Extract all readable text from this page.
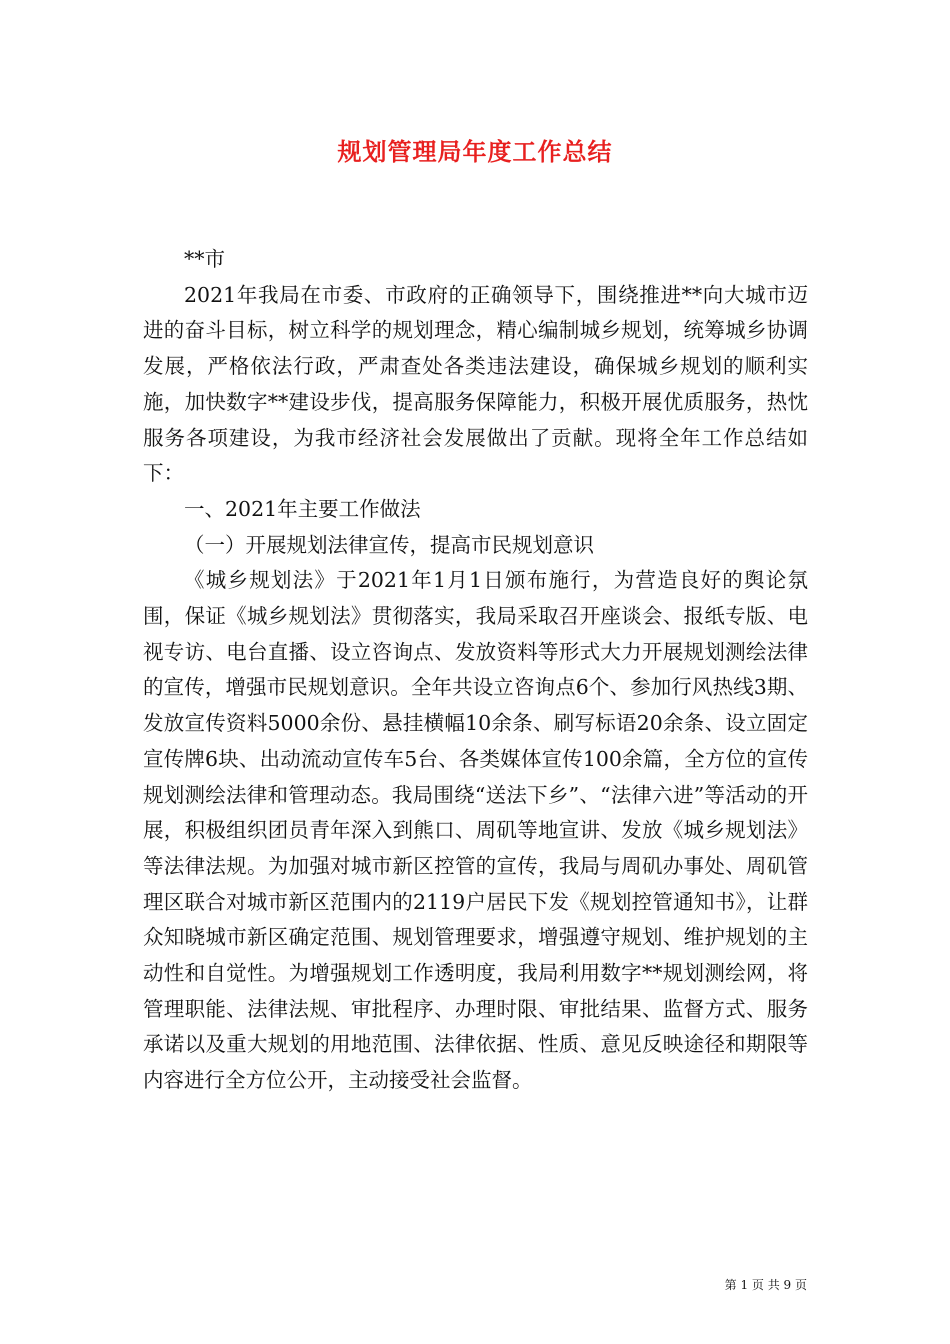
规划管理局年度工作总结

**市

2021年我局在市委、市政府的正确领导下，围绕推进**向大城市迈进的奋斗目标，树立科学的规划理念，精心编制城乡规划，统筹城乡协调发展，严格依法行政，严肃查处各类违法建设，确保城乡规划的顺利实施，加快数字**建设步伐，提高服务保障能力，积极开展优质服务，热忱服务各项建设，为我市经济社会发展做出了贡献。现将全年工作总结如下：

一、2021年主要工作做法

（一）开展规划法律宣传，提高市民规划意识

《城乡规划法》于2021年1月1日颁布施行，为营造良好的舆论氛围，保证《城乡规划法》贯彻落实，我局采取召开座谈会、报纸专版、电视专访、电台直播、设立咨询点、发放资料等形式大力开展规划测绘法律的宣传，增强市民规划意识。全年共设立咨询点6个、参加行风热线3期、发放宣传资料5000余份、悬挂横幅10余条、刷写标语20余条、设立固定宣传牌6块、出动流动宣传车5台、各类媒体宣传100余篇，全方位的宣传规划测绘法律和管理动态。我局围绕“送法下乡”、“法律六进”等活动的开展，积极组织团员青年深入到熊口、周矶等地宣讲、发放《城乡规划法》等法律法规。为加强对城市新区控管的宣传，我局与周矶办事处、周矶管理区联合对城市新区范围内的2119户居民下发《规划控管通知书》，让群众知晓城市新区确定范围、规划管理要求，增强遵守规划、维护规划的主动性和自觉性。为增强规划工作透明度，我局利用数字**规划测绘网，将管理职能、法律法规、审批程序、办理时限、审批结果、监督方式、服务承诺以及重大规划的用地范围、法律依据、性质、意见反映途径和期限等内容进行全方位公开，主动接受社会监督。

第 1 页 共 9 页
